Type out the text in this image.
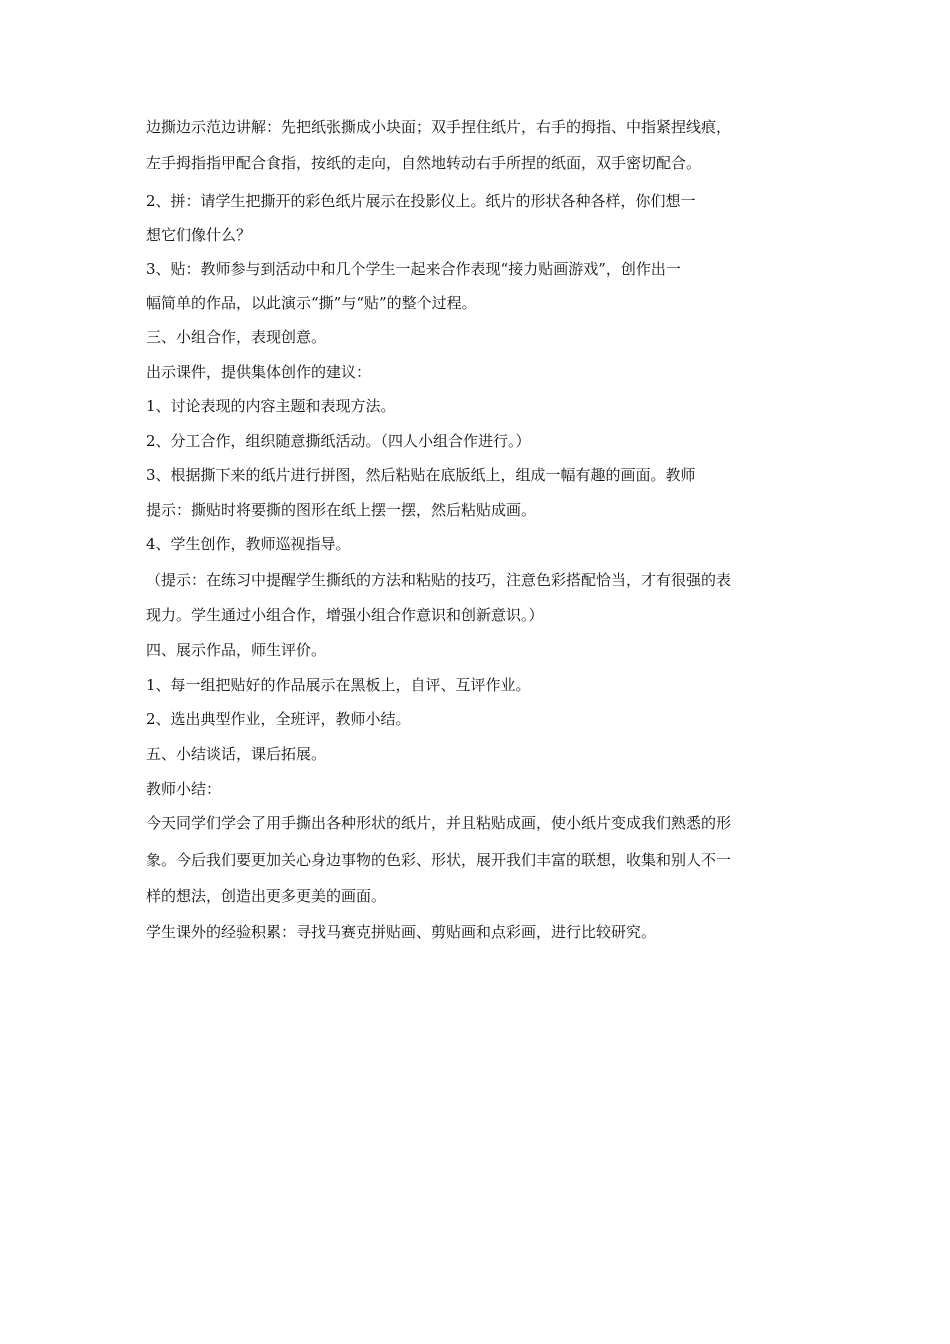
边撕边示范边讲解：先把纸张撕成小块面；双手捏住纸片，右手的拇指、中指紧捏线痕，

左手拇指指甲配合食指，按纸的走向，自然地转动右手所捏的纸面，双手密切配合。

2、拼：请学生把撕开的彩色纸片展示在投影仪上。纸片的形状各种各样，你们想一

想它们像什么？

3、贴：教师参与到活动中和几个学生一起来合作表现“接力贴画游戏”，创作出一

幅简单的作品，以此演示“撕”与“贴”的整个过程。

三、小组合作，表现创意。

出示课件，提供集体创作的建议：

1、讨论表现的内容主题和表现方法。

2、分工合作，组织随意撕纸活动。（四人小组合作进行。）

3、根据撕下来的纸片进行拼图，然后粘贴在底版纸上，组成一幅有趣的画面。教师

提示：撕贴时将要撕的图形在纸上摆一摆，然后粘贴成画。

4、学生创作，教师巡视指导。

（提示：在练习中提醒学生撕纸的方法和粘贴的技巧，注意色彩搭配恰当，才有很强的表

现力。学生通过小组合作，增强小组合作意识和创新意识。）

四、展示作品，师生评价。

1、每一组把贴好的作品展示在黑板上，自评、互评作业。

2、选出典型作业，全班评，教师小结。

五、小结谈话，课后拓展。

教师小结：

今天同学们学会了用手撕出各种形状的纸片，并且粘贴成画，使小纸片变成我们熟悉的形

象。今后我们要更加关心身边事物的色彩、形状，展开我们丰富的联想，收集和别人不一

样的想法，创造出更多更美的画面。

学生课外的经验积累：寻找马赛克拼贴画、剪贴画和点彩画，进行比较研究。
